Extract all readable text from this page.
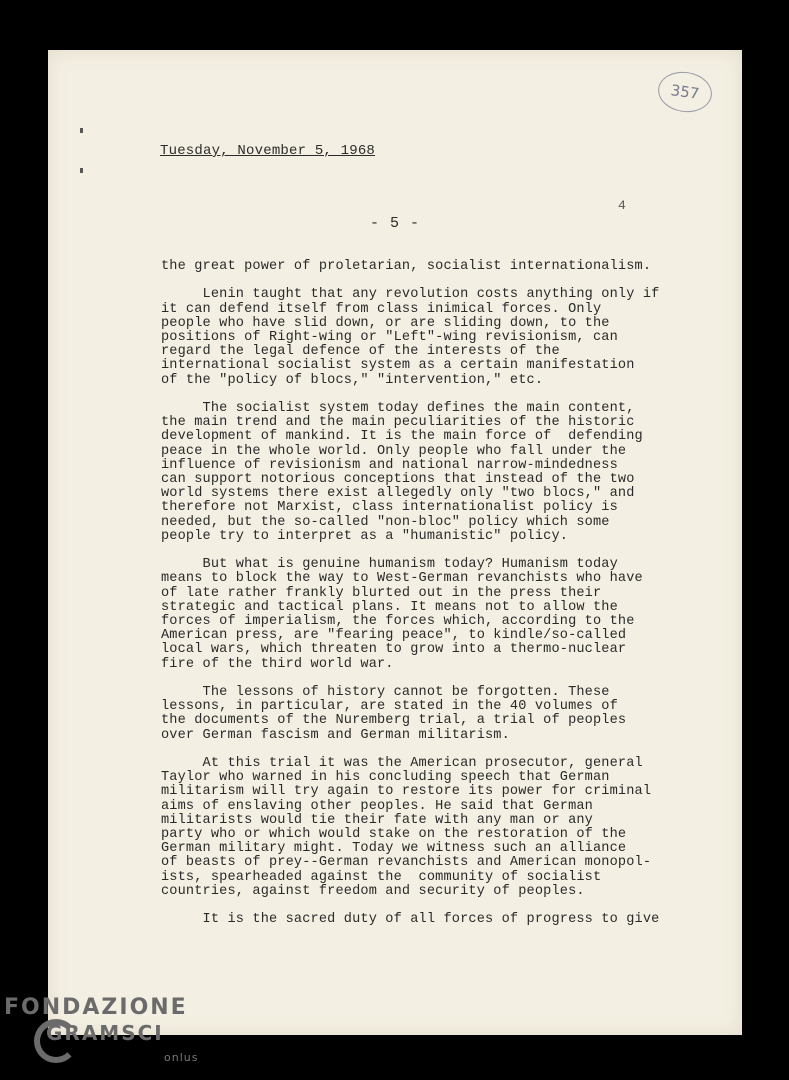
357
Tuesday, November 5, 1968
4
- 5 -
the great power of proletarian, socialist internationalism.
Lenin taught that any revolution costs anything only if
it can defend itself from class inimical forces. Only
people who have slid down, or are sliding down, to the
positions of Right-wing or "Left"-wing revisionism, can
regard the legal defence of the interests of the
international socialist system as a certain manifestation
of the "policy of blocs," "intervention," etc.
The socialist system today defines the main content,
the main trend and the main peculiarities of the historic
development of mankind. It is the main force of  defending
peace in the whole world. Only people who fall under the
influence of revisionism and national narrow-mindedness
can support notorious conceptions that instead of the two
world systems there exist allegedly only "two blocs," and
therefore not Marxist, class internationalist policy is
needed, but the so-called "non-bloc" policy which some
people try to interpret as a "humanistic" policy.
But what is genuine humanism today? Humanism today
means to block the way to West-German revanchists who have
of late rather frankly blurted out in the press their
strategic and tactical plans. It means not to allow the
forces of imperialism, the forces which, according to the
American press, are "fearing peace", to kindle/so-called
local wars, which threaten to grow into a thermo-nuclear
fire of the third world war.
The lessons of history cannot be forgotten. These
lessons, in particular, are stated in the 40 volumes of
the documents of the Nuremberg trial, a trial of peoples
over German fascism and German militarism.
At this trial it was the American prosecutor, general
Taylor who warned in his concluding speech that German
militarism will try again to restore its power for criminal
aims of enslaving other peoples. He said that German
militarists would tie their fate with any man or any
party who or which would stake on the restoration of the
German military might. Today we witness such an alliance
of beasts of prey--German revanchists and American monopol-
ists, spearheaded against the  community of socialist
countries, against freedom and security of peoples.
It is the sacred duty of all forces of progress to give
FONDAZIONE
GRAMSCI
onlus
